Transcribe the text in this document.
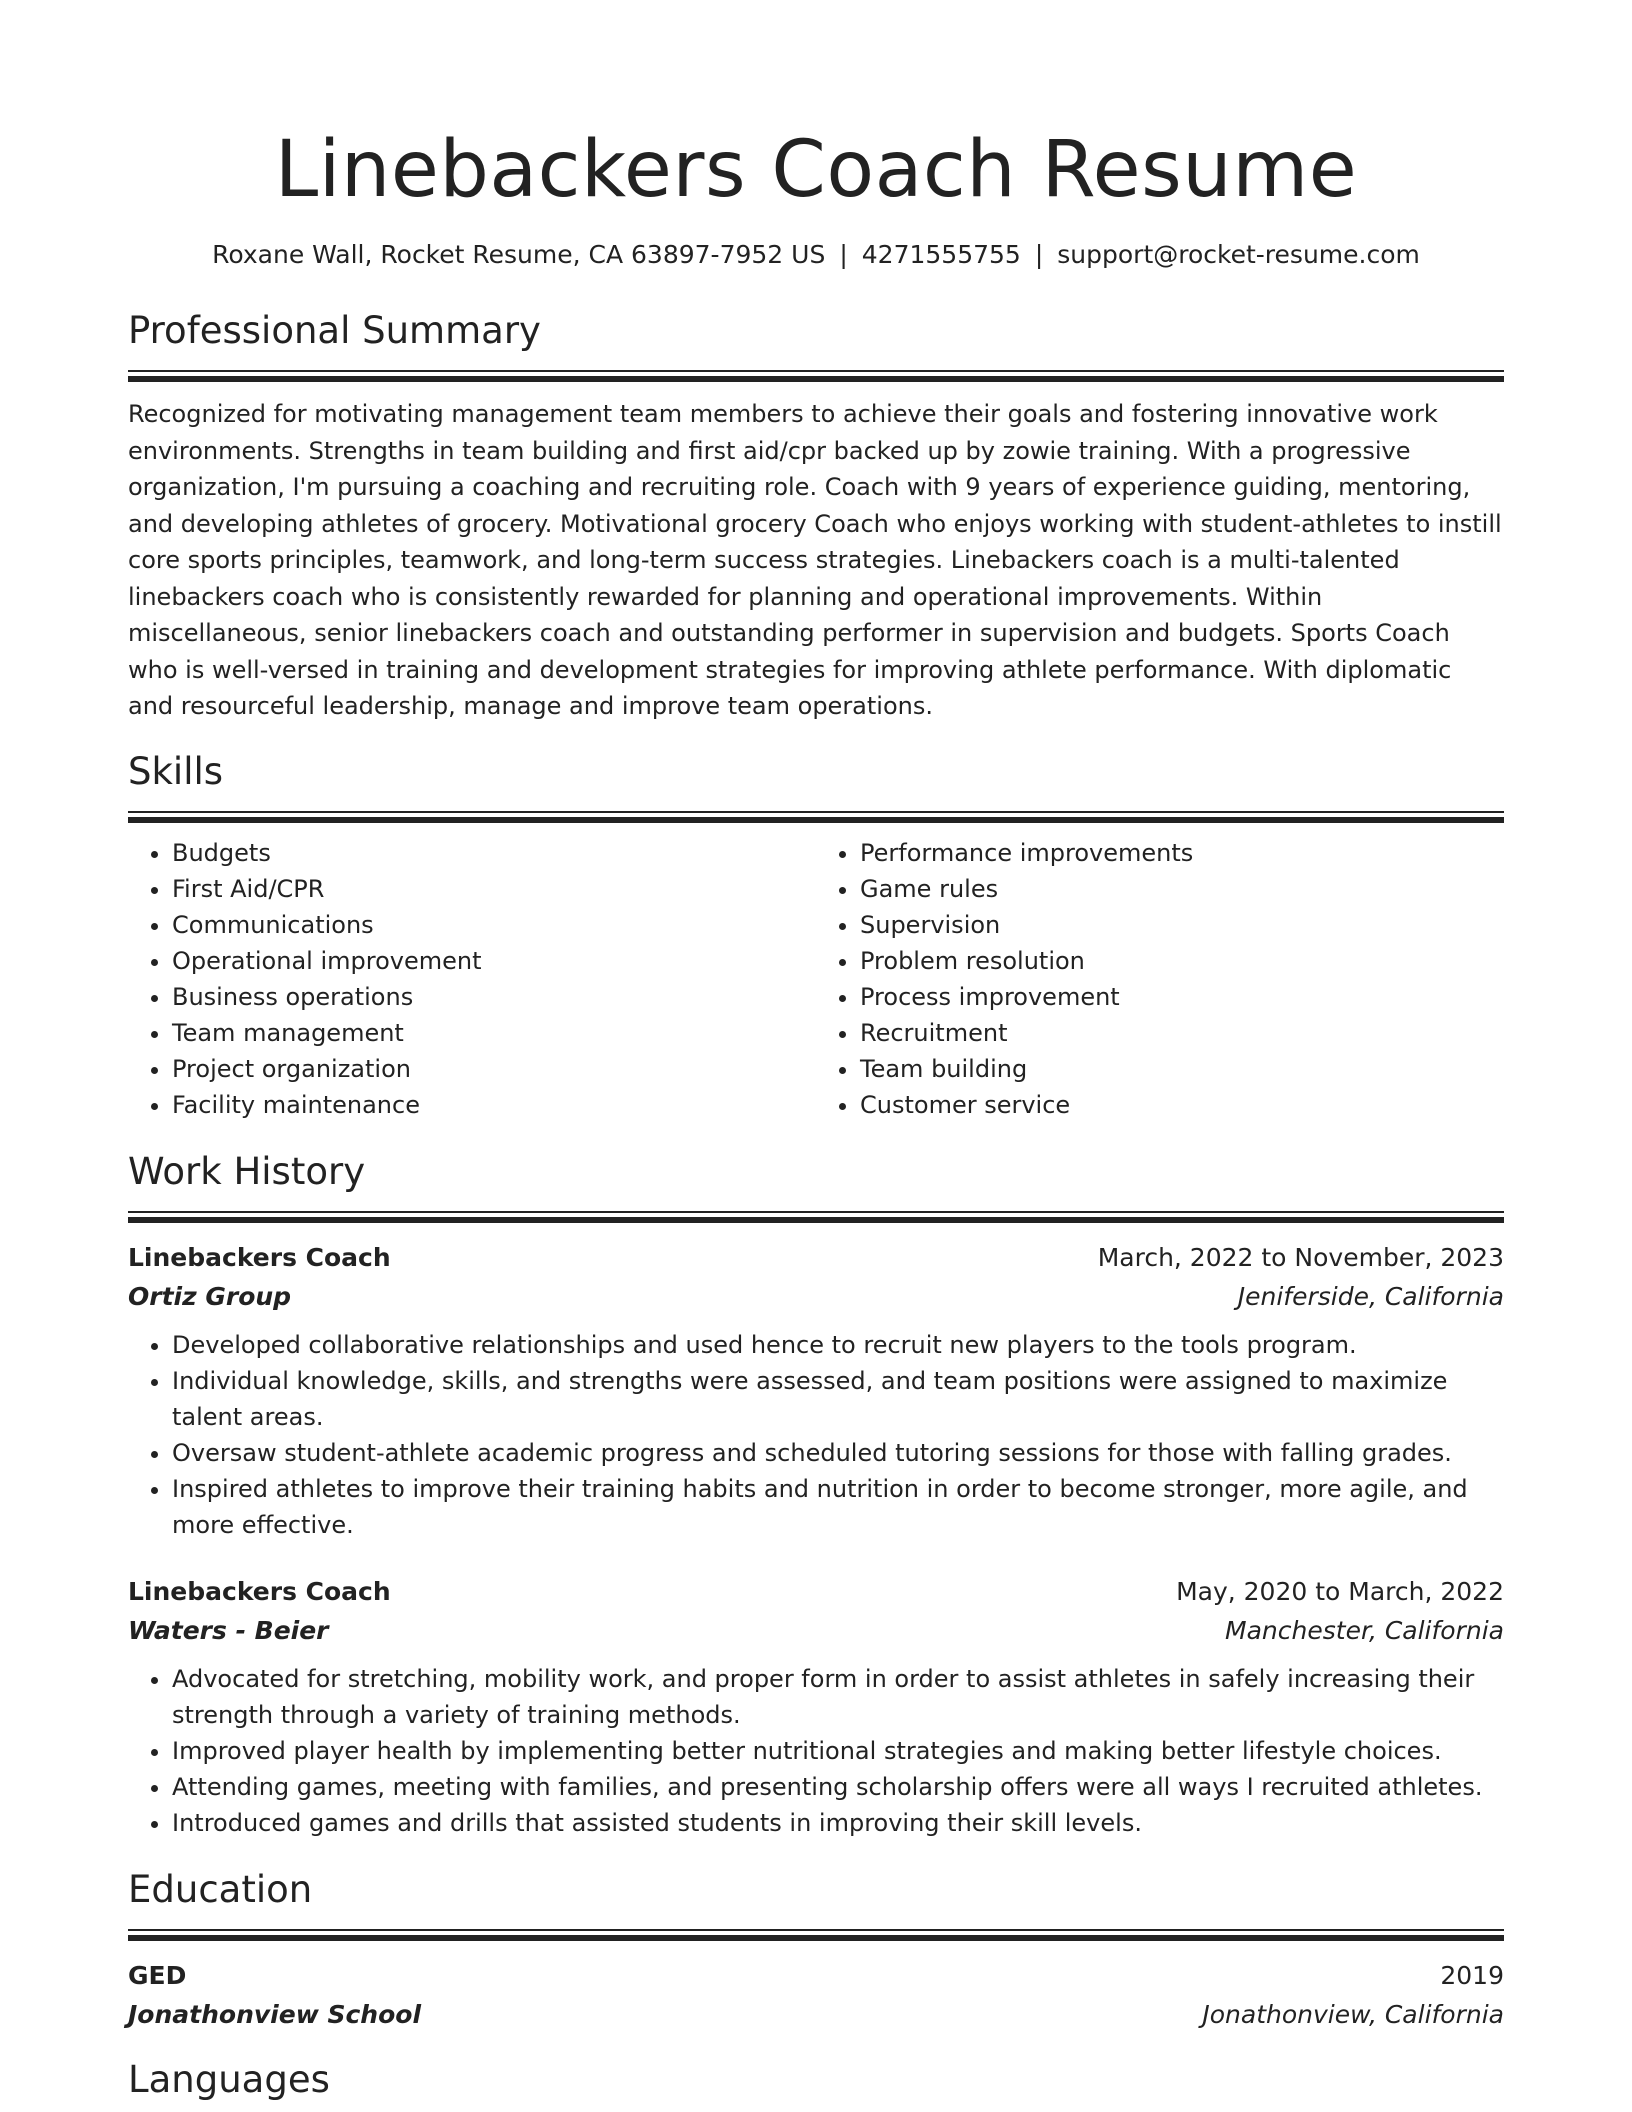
Linebackers Coach Resume
Roxane Wall, Rocket Resume, CA 63897-7952 US | 4271555755 | support@rocket-resume.com
Professional Summary

Recognized for motivating management team members to achieve their goals and fostering innovative work environments. Strengths in team building and first aid/cpr backed up by zowie training. With a progressive organization, I'm pursuing a coaching and recruiting role. Coach with 9 years of experience guiding, mentoring, and developing athletes of grocery. Motivational grocery Coach who enjoys working with student-athletes to instill core sports principles, teamwork, and long-term success strategies. Linebackers coach is a multi-talented linebackers coach who is consistently rewarded for planning and operational improvements. Within miscellaneous, senior linebackers coach and outstanding performer in supervision and budgets. Sports Coach who is well-versed in training and development strategies for improving athlete performance. With diplomatic and resourceful leadership, manage and improve team operations.

Skills
• Budgets
• First Aid/CPR
• Communications
• Operational improvement
• Business operations
• Team management
• Project organization
• Facility maintenance
• Performance improvements
• Game rules
• Supervision
• Problem resolution
• Process improvement
• Recruitment
• Team building
• Customer service
Work History
Linebackers Coach	March, 2022 to November, 2023
Ortiz Group	Jeniferside, California
• Developed collaborative relationships and used hence to recruit new players to the tools program.
• Individual knowledge, skills, and strengths were assessed, and team positions were assigned to maximize talent areas.
• Oversaw student-athlete academic progress and scheduled tutoring sessions for those with falling grades.
• Inspired athletes to improve their training habits and nutrition in order to become stronger, more agile, and more effective.
Linebackers Coach	May, 2020 to March, 2022
Waters - Beier	Manchester, California
• Advocated for stretching, mobility work, and proper form in order to assist athletes in safely increasing their strength through a variety of training methods.
• Improved player health by implementing better nutritional strategies and making better lifestyle choices.
• Attending games, meeting with families, and presenting scholarship offers were all ways I recruited athletes.
• Introduced games and drills that assisted students in improving their skill levels.
Education
GED	2019
Jonathonview School	Jonathonview, California
Languages
